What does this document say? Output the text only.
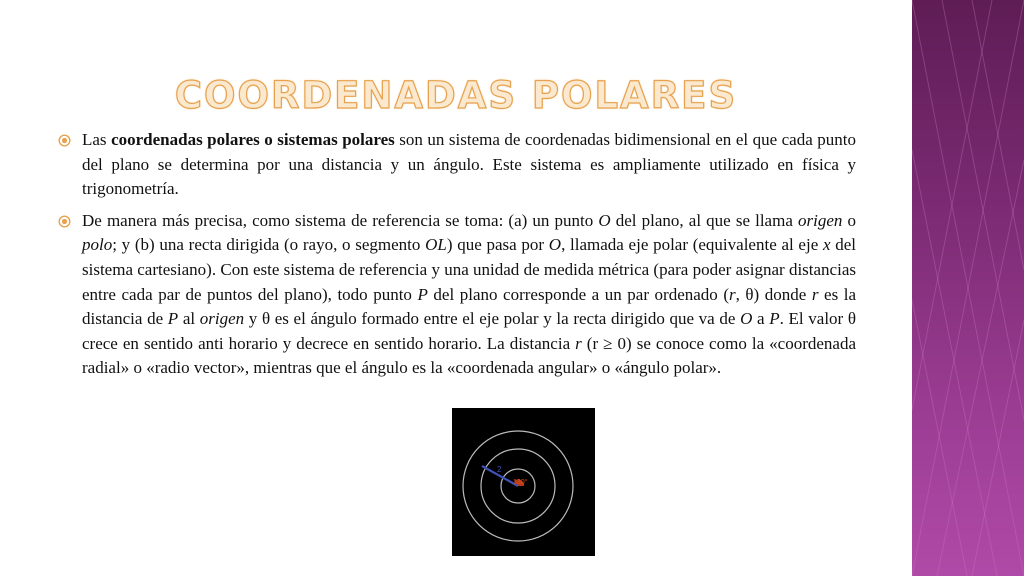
COORDENADAS POLARES
Las coordenadas polares o sistemas polares son un sistema de coordenadas bidimensional en el que cada punto del plano se determina por una distancia y un ángulo. Este sistema es ampliamente utilizado en física y trigonometría.
De manera más precisa, como sistema de referencia se toma: (a) un punto O del plano, al que se llama origen o polo; y (b) una recta dirigida (o rayo, o segmento OL) que pasa por O, llamada eje polar (equivalente al eje x del sistema cartesiano). Con este sistema de referencia y una unidad de medida métrica (para poder asignar distancias entre cada par de puntos del plano), todo punto P del plano corresponde a un par ordenado (r, θ) donde r es la distancia de P al origen y θ es el ángulo formado entre el eje polar y la recta dirigido que va de O a P. El valor θ crece en sentido anti horario y decrece en sentido horario. La distancia r (r ≥ 0) se conoce como la «coordenada radial» o «radio vector», mientras que el ángulo es la «coordenada angular» o «ángulo polar».
130°
2
